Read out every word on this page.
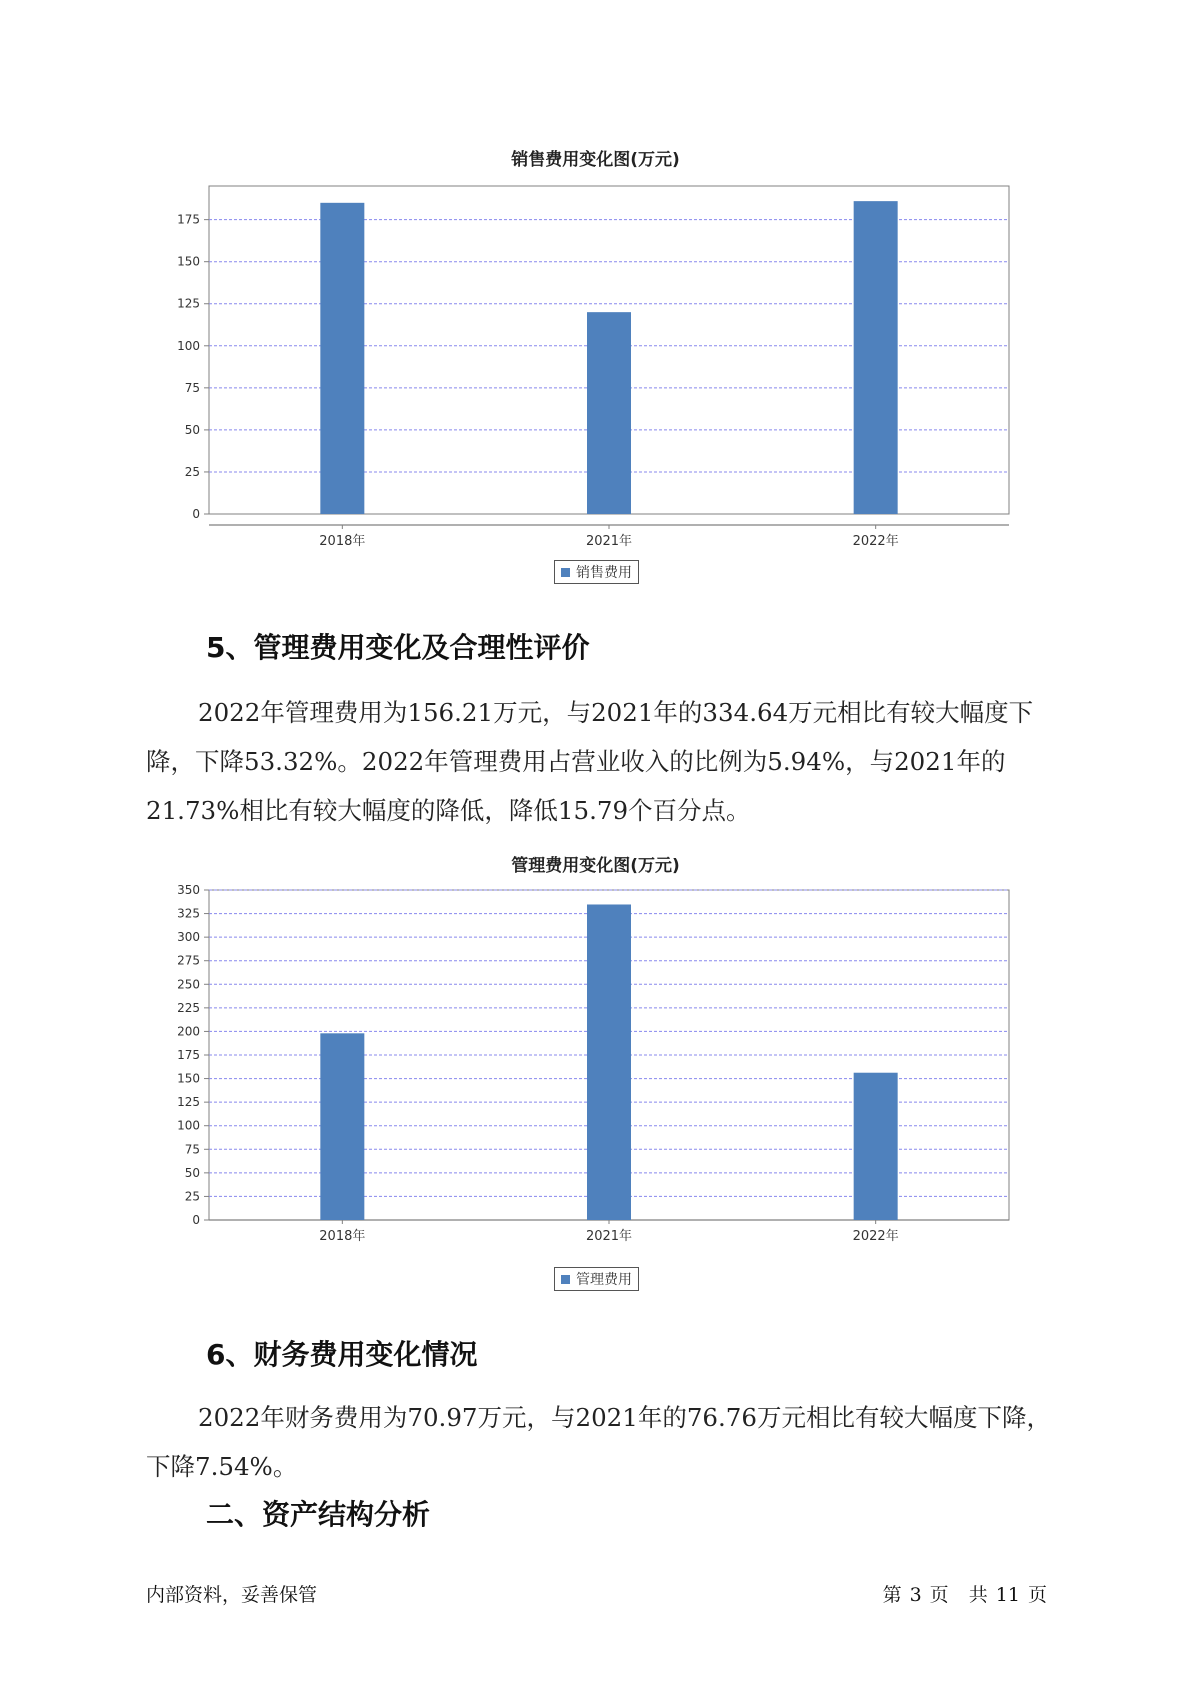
销售费用变化图(万元)
0
25
50
75
100
125
150
175
2018年	2021年	2022年
销售费用
5、管理费用变化及合理性评价

2022年管理费用为156.21万元，与2021年的334.64万元相比有较大幅度下降，下降53.32%。2022年管理费用占营业收入的比例为5.94%，与2021年的21.73%相比有较大幅度的降低，降低15.79个百分点。

管理费用变化图(万元)
0
25
50
75
100
125
150
175
200
225
250
275
300
325
350
2018年	2021年	2022年
管理费用
6、财务费用变化情况

2022年财务费用为70.97万元，与2021年的76.76万元相比有较大幅度下降，下降7.54%。

二、资产结构分析
内部资料，妥善保管	第 3 页 共 11 页
